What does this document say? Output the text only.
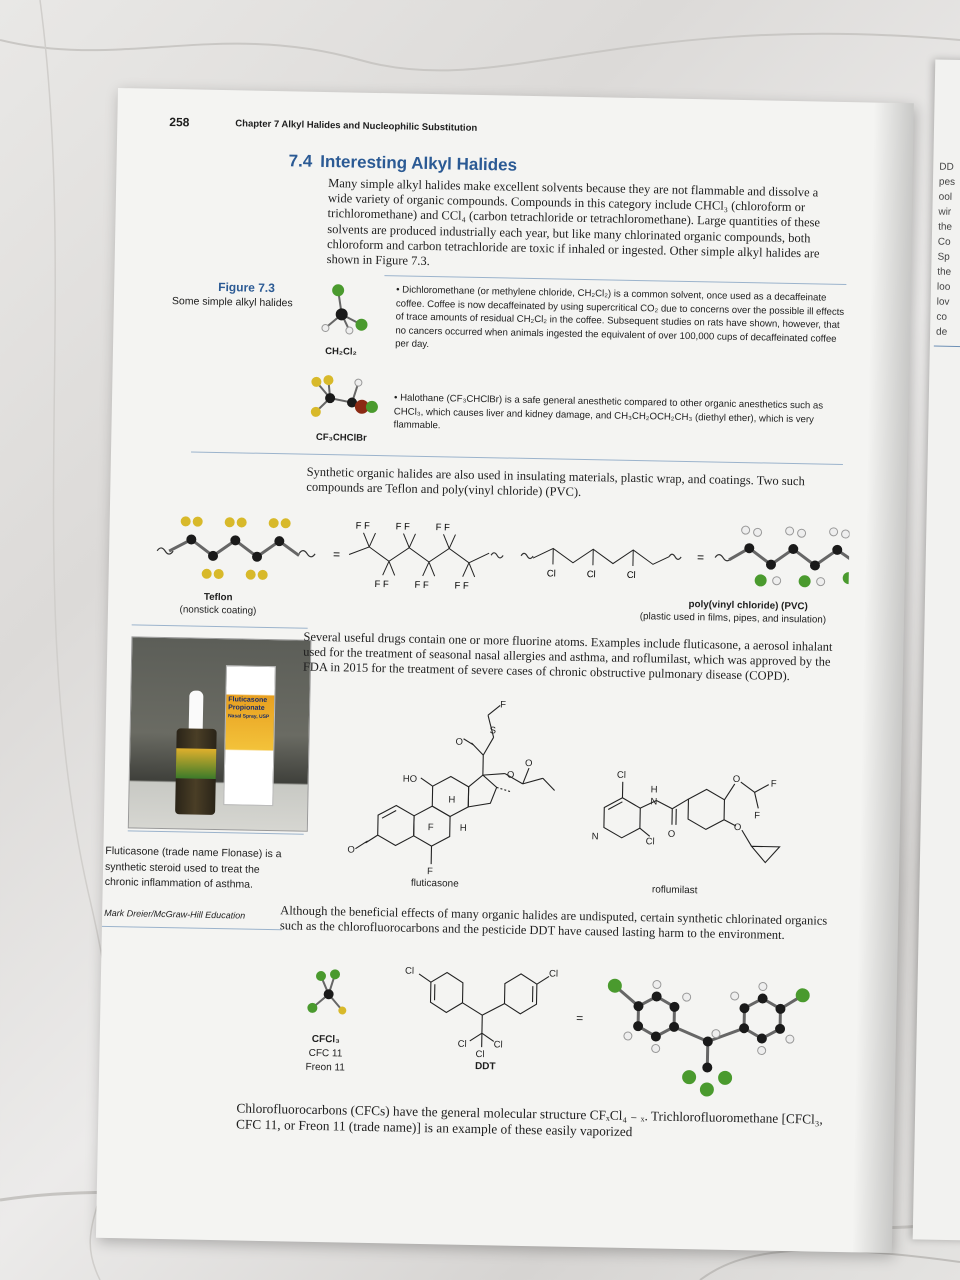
DD
pes
ool
wir
the
Co
Sp
the
loo
lov
co
de
258	Chapter 7 Alkyl Halides and Nucleophilic Substitution
7.4 Interesting Alkyl Halides
Many simple alkyl halides make excellent solvents because they are not flammable and dissolve a wide variety of organic compounds. Compounds in this category include CHCl₃ (chloroform or trichloromethane) and CCl₄ (carbon tetrachloride or tetrachloromethane). Large quantities of these solvents are produced industrially each year, but like many chlorinated organic compounds, both chloroform and carbon tetrachloride are toxic if inhaled or ingested. Other simple alkyl halides are shown in Figure 7.3.
Figure 7.3
Some simple alkyl halides
CH₂Cl₂
• Dichloromethane (or methylene chloride, CH₂Cl₂) is a common solvent, once used as a decaffeinate coffee. Coffee is now decaffeinated by using supercritical CO₂ due to concerns over the possible ill effects of trace amounts of residual CH₂Cl₂ in the coffee. Subsequent studies on rats have shown, however, that no cancers occurred when animals ingested the equivalent of over 100,000 cups of decaffeinated coffee per day.
CF₃CHClBr
• Halothane (CF₃CHClBr) is a safe general anesthetic compared to other organic anesthetics such as CHCl₃, which causes liver and kidney damage, and CH₃CH₂OCH₂CH₃ (diethyl ether), which is very flammable.
Synthetic organic halides are also used in insulating materials, plastic wrap, and coatings. Two such compounds are Teflon and poly(vinyl chloride) (PVC).
=
F F	F F	F F
F F	F F	F F
Cl	Cl	Cl
=
Teflon
(nonstick coating)	poly(vinyl chloride) (PVC)
(plastic used in films, pipes, and insulation)
Fluticasone
Propionate
Nasal Spray, USP
Fluticasone (trade name Flonase) is a synthetic steroid used to treat the chronic inflammation of asthma.
Mark Dreier/McGraw-Hill Education
Several useful drugs contain one or more fluorine atoms. Examples include fluticasone, a aerosol inhalant used for the treatment of seasonal nasal allergies and asthma, and roflumilast, which was approved by the FDA in 2015 for the treatment of severe cases of chronic obstructive pulmonary disease (COPD).
O
HO
F
F
H
H
O
S
F
O
O
fluticasone
Cl
N	Cl
H
N
O
O	F
F
O
roflumilast
Although the beneficial effects of many organic halides are undisputed, certain synthetic chlorinated organics such as the chlorofluorocarbons and the pesticide DDT have caused lasting harm to the environment.
CFCl₃
CFC 11
Freon 11
Cl	Cl
Cl	Cl
Cl
DDT
=
Chlorofluorocarbons (CFCs) have the general molecular structure CFₓCl₄ ₋ ₓ. Trichlorofluoromethane [CFCl₃, CFC 11, or Freon 11 (trade name)] is an example of these easily vaporized
